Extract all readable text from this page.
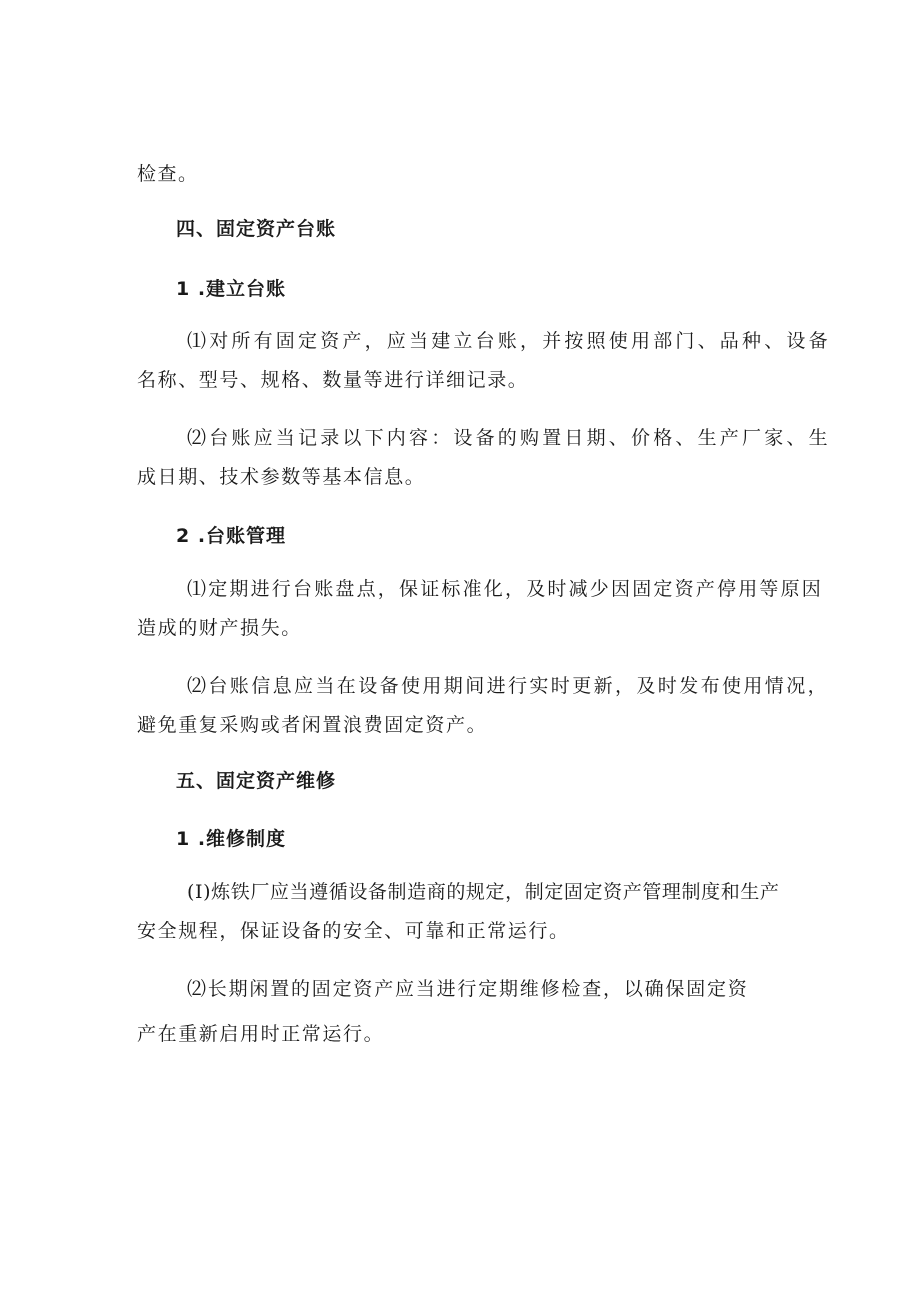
检查。
四、固定资产台账
1 .建立台账
⑴对所有固定资产，应当建立台账，并按照使用部门、品种、设备
名称、型号、规格、数量等进行详细记录。
⑵台账应当记录以下内容：设备的购置日期、价格、生产厂家、生
成日期、技术参数等基本信息。
2 .台账管理
⑴定期进行台账盘点，保证标准化，及时减少因固定资产停用等原因
造成的财产损失。
⑵台账信息应当在设备使用期间进行实时更新，及时发布使用情况，
避免重复采购或者闲置浪费固定资产。
五、固定资产维修
1 .维修制度
(I)炼铁厂应当遵循设备制造商的规定，制定固定资产管理制度和生产
安全规程，保证设备的安全、可靠和正常运行。
⑵长期闲置的固定资产应当进行定期维修检查，以确保固定资
产在重新启用时正常运行。
